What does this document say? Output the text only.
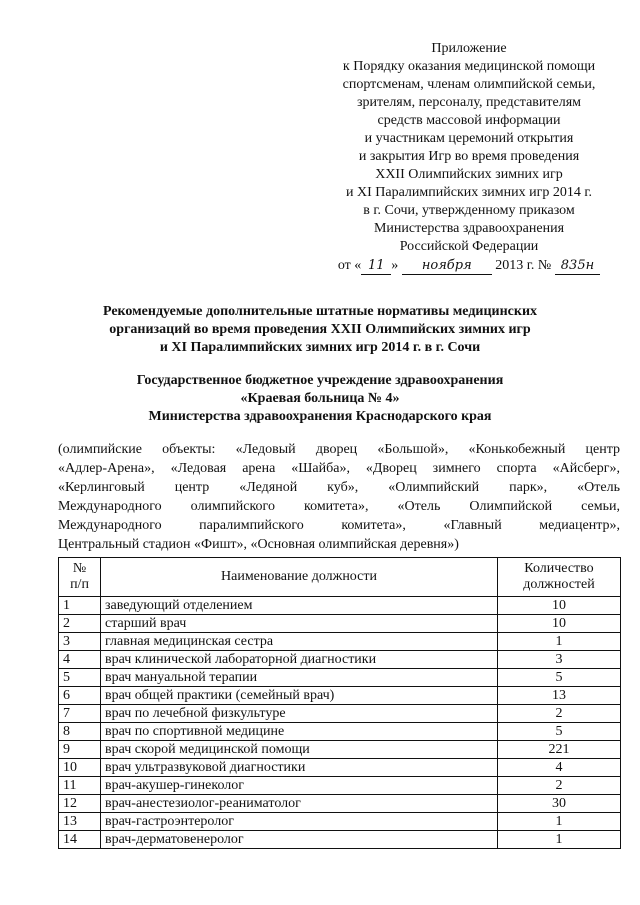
Приложение
к Порядку оказания медицинской помощи
спортсменам, членам олимпийской семьи,
зрителям, персоналу, представителям
средств массовой информации
и участникам церемоний открытия
и закрытия Игр во время проведения
XXII Олимпийских зимних игр
и XI Паралимпийских зимних игр 2014 г.
в г. Сочи, утвержденному приказом
Министерства здравоохранения
Российской Федерации
от « 11 » ноября 2013 г. № 835н
Рекомендуемые дополнительные штатные нормативы медицинских
организаций во время проведения XXII Олимпийских зимних игр
и XI Паралимпийских зимних игр 2014 г. в г. Сочи
Государственное бюджетное учреждение здравоохранения
«Краевая больница № 4»
Министерства здравоохранения Краснодарского края
(олимпийские объекты: «Ледовый дворец «Большой», «Конькобежный центр
«Адлер-Арена», «Ледовая арена «Шайба», «Дворец зимнего спорта «Айсберг»,
«Керлинговый центр «Ледяной куб», «Олимпийский парк», «Отель
Международного олимпийского комитета», «Отель Олимпийской семьи,
Международного паралимпийского комитета», «Главный медиацентр»,
Центральный стадион «Фишт», «Основная олимпийская деревня»)
№
п/п	Наименование должности	Количество
должностей
1	заведующий отделением	10
2	старший врач	10
3	главная медицинская сестра	1
4	врач клинической лабораторной диагностики	3
5	врач мануальной терапии	5
6	врач общей практики (семейный врач)	13
7	врач по лечебной физкультуре	2
8	врач по спортивной медицине	5
9	врач скорой медицинской помощи	221
10	врач ультразвуковой диагностики	4
11	врач-акушер-гинеколог	2
12	врач-анестезиолог-реаниматолог	30
13	врач-гастроэнтеролог	1
14	врач-дерматовенеролог	1
